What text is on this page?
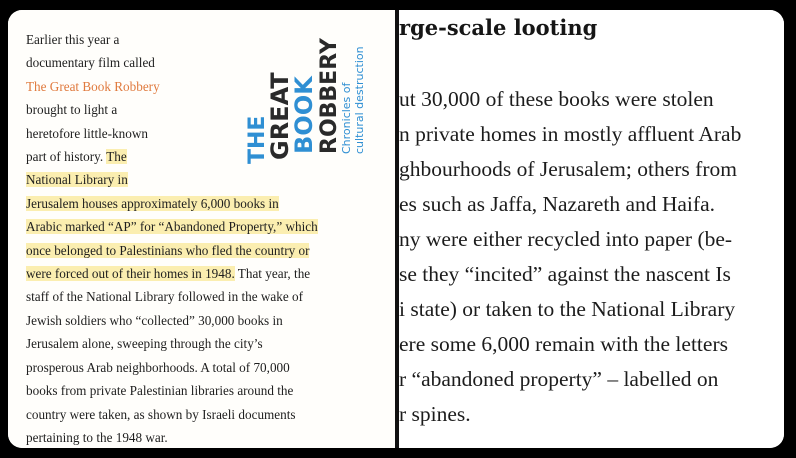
Earlier this year a
documentary film called
The Great Book Robbery
brought to light a
heretofore little-known
part of history. The
National Library in
Jerusalem houses approximately 6,000 books in
Arabic marked “AP” for “Abandoned Property,” which
once belonged to Palestinians who fled the country or
were forced out of their homes in 1948. That year, the
staff of the National Library followed in the wake of
Jewish soldiers who “collected” 30,000 books in
Jerusalem alone, sweeping through the city’s
prosperous Arab neighborhoods. A total of 70,000
books from private Palestinian libraries around the
country were taken, as shown by Israeli documents
pertaining to the 1948 war.
THE
GREAT
BOOK ROBBERY
Chronicles of cultural destruction
rge-scale looting
ut 30,000 of these books were stolen
n private homes in mostly affluent Arab
ghbourhoods of Jerusalem; others from
es such as Jaffa, Nazareth and Haifa.
ny were either recycled into paper (be-
se they “incited” against the nascent Is
i state) or taken to the National Library
ere some 6,000 remain with the letters
r “abandoned property” – labelled on
r spines.
